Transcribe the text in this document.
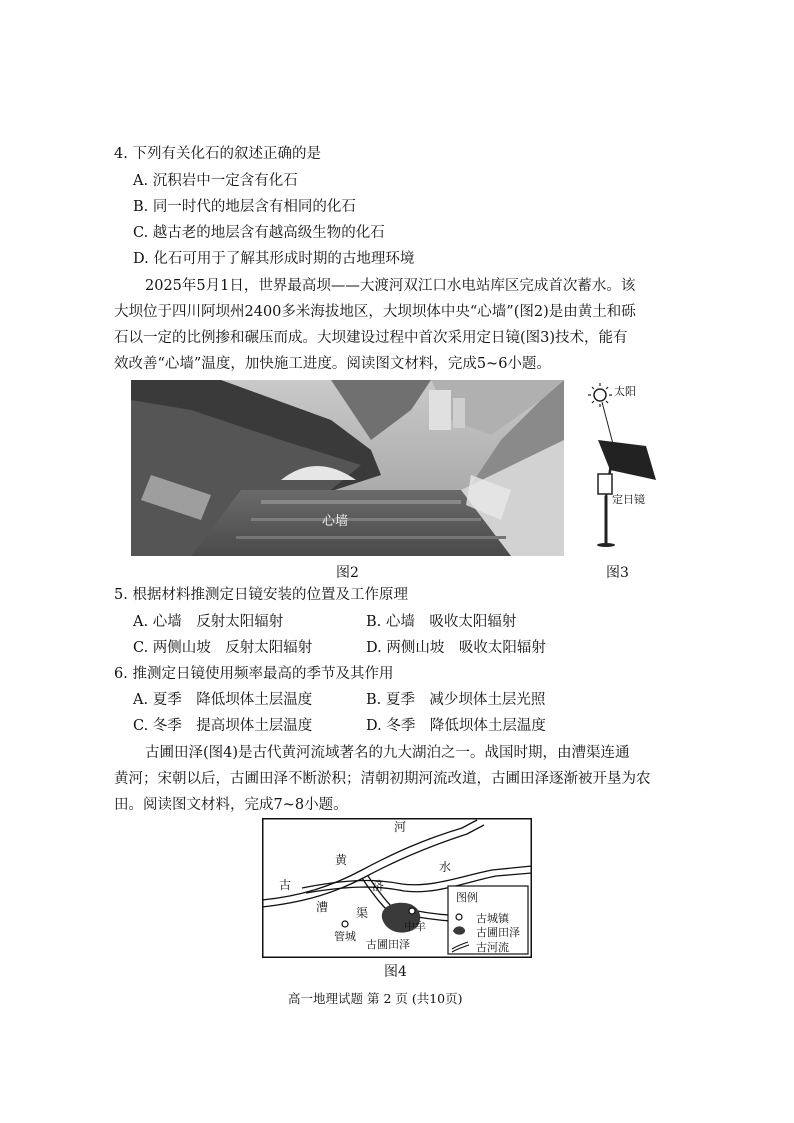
4. 下列有关化石的叙述正确的是
A. 沉积岩中一定含有化石
B. 同一时代的地层含有相同的化石
C. 越古老的地层含有越高级生物的化石
D. 化石可用于了解其形成时期的古地理环境
2025年5月1日，世界最高坝——大渡河双江口水电站库区完成首次蓄水。该
大坝位于四川阿坝州2400多米海拔地区，大坝坝体中央“心墙”(图2)是由黄土和砾
石以一定的比例掺和碾压而成。大坝建设过程中首次采用定日镜(图3)技术，能有
效改善“心墙”温度，加快施工进度。阅读图文材料，完成5~6小题。
心墙
图2
太阳
定日镜
图3
5. 根据材料推测定日镜安装的位置及工作原理
A. 心墙　反射太阳辐射	B. 心墙　吸收太阳辐射
C. 两侧山坡　反射太阳辐射	D. 两侧山坡　吸收太阳辐射
6. 推测定日镜使用频率最高的季节及其作用
A. 夏季　降低坝体土层温度	B. 夏季　减少坝体土层光照
C. 冬季　提高坝体土层温度	D. 冬季　降低坝体土层温度
古圃田泽(图4)是古代黄河流域著名的九大湖泊之一。战国时期，由漕渠连通
黄河；宋朝以后，古圃田泽不断淤积；清朝初期河流改道，古圃田泽逐渐被开垦为农
田。阅读图文材料，完成7~8小题。
河
黄	水
古	济
漕 渠
管城
中牟
古圃田泽
图例
古城镇
古圃田泽
古河流
图4
高一地理试题 第 2 页 (共10页)
